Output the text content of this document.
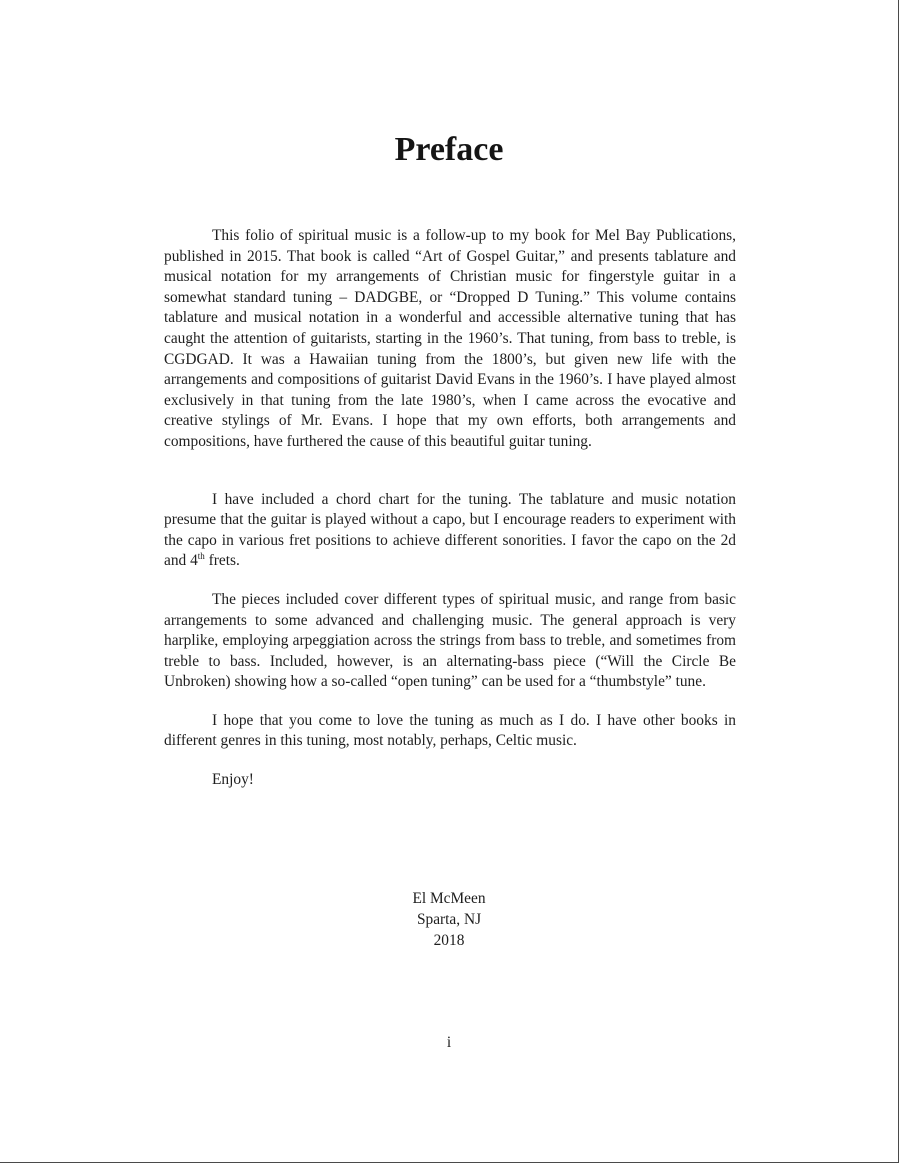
Preface

This folio of spiritual music is a follow-up to my book for Mel Bay Publications, published in 2015. That book is called “Art of Gospel Guitar,” and presents tablature and musical notation for my arrangements of Christian music for fingerstyle guitar in a somewhat standard tuning – DADGBE, or “Dropped D Tuning.” This volume contains tablature and musical notation in a wonderful and accessible alternative tuning that has caught the attention of guitarists, starting in the 1960’s. That tuning, from bass to treble, is CGDGAD. It was a Hawaiian tuning from the 1800’s, but given new life with the arrangements and compositions of guitarist David Evans in the 1960’s. I have played almost exclusively in that tuning from the late 1980’s, when I came across the evocative and creative stylings of Mr. Evans. I hope that my own efforts, both arrangements and compositions, have furthered the cause of this beautiful guitar tuning.

I have included a chord chart for the tuning. The tablature and music notation presume that the guitar is played without a capo, but I encourage readers to experiment with the capo in various fret positions to achieve different sonorities. I favor the capo on the 2d and 4th frets.

The pieces included cover different types of spiritual music, and range from basic arrangements to some advanced and challenging music. The general approach is very harplike, employing arpeggiation across the strings from bass to treble, and sometimes from treble to bass. Included, however, is an alternating-bass piece (“Will the Circle Be Unbroken) showing how a so-called “open tuning” can be used for a “thumbstyle” tune.

I hope that you come to love the tuning as much as I do. I have other books in different genres in this tuning, most notably, perhaps, Celtic music.

Enjoy!

El McMeen
Sparta, NJ
2018
i
